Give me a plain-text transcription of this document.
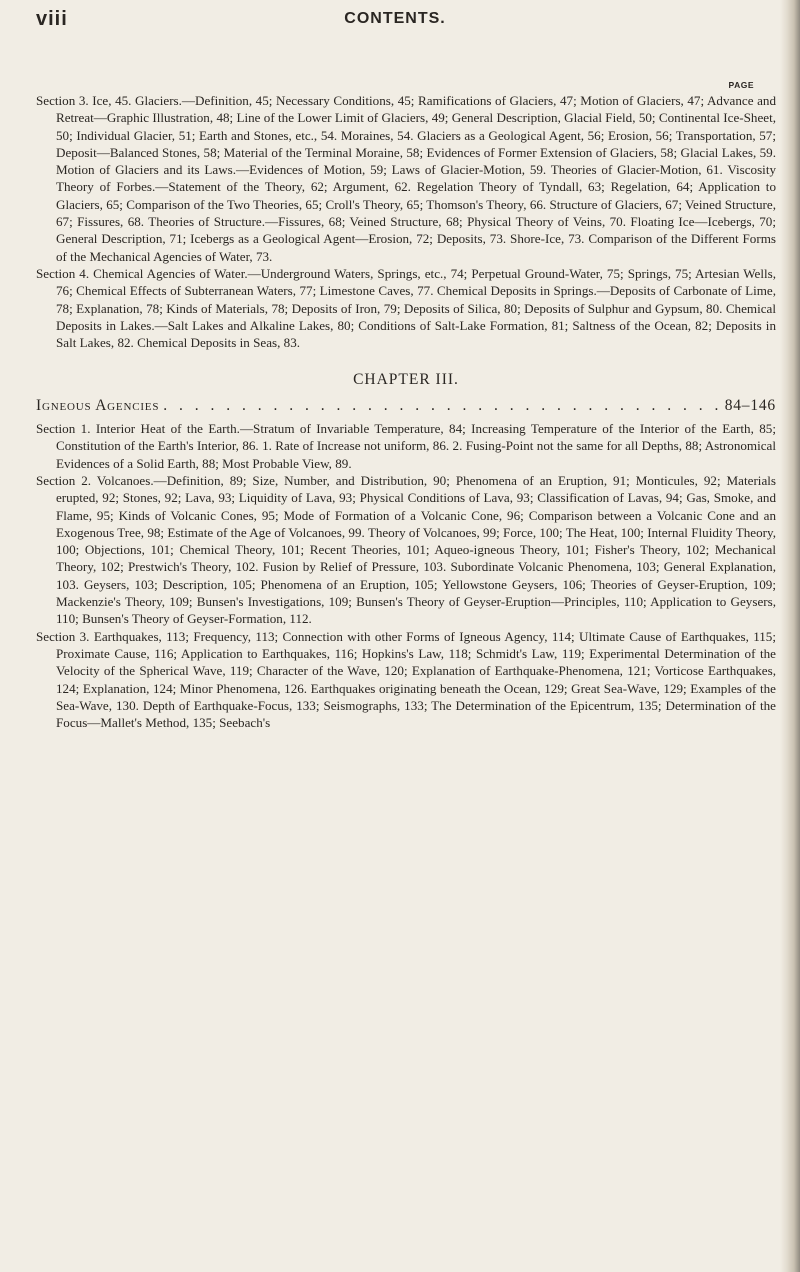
viii	CONTENTS.
PAGE

Section 3. Ice, 45. Glaciers.—Definition, 45; Necessary Conditions, 45; Ramifications of Glaciers, 47; Motion of Glaciers, 47; Advance and Retreat—Graphic Illustration, 48; Line of the Lower Limit of Glaciers, 49; General Description, Glacial Field, 50; Continental Ice-Sheet, 50; Individual Glacier, 51; Earth and Stones, etc., 54. Moraines, 54. Glaciers as a Geological Agent, 56; Erosion, 56; Transportation, 57; Deposit—Balanced Stones, 58; Material of the Terminal Moraine, 58; Evidences of Former Extension of Glaciers, 58; Glacial Lakes, 59. Motion of Glaciers and its Laws.—Evidences of Motion, 59; Laws of Glacier-Motion, 59. Theories of Glacier-Motion, 61. Viscosity Theory of Forbes.—Statement of the Theory, 62; Argument, 62. Regelation Theory of Tyndall, 63; Regelation, 64; Application to Glaciers, 65; Comparison of the Two Theories, 65; Croll's Theory, 65; Thomson's Theory, 66. Structure of Glaciers, 67; Veined Structure, 67; Fissures, 68. Theories of Structure.—Fissures, 68; Veined Structure, 68; Physical Theory of Veins, 70. Floating Ice—Icebergs, 70; General Description, 71; Icebergs as a Geological Agent—Erosion, 72; Deposits, 73. Shore-Ice, 73. Comparison of the Different Forms of the Mechanical Agencies of Water, 73.

Section 4. Chemical Agencies of Water.—Underground Waters, Springs, etc., 74; Perpetual Ground-Water, 75; Springs, 75; Artesian Wells, 76; Chemical Effects of Subterranean Waters, 77; Limestone Caves, 77. Chemical Deposits in Springs.—Deposits of Carbonate of Lime, 78; Explanation, 78; Kinds of Materials, 78; Deposits of Iron, 79; Deposits of Silica, 80; Deposits of Sulphur and Gypsum, 80. Chemical Deposits in Lakes.—Salt Lakes and Alkaline Lakes, 80; Conditions of Salt-Lake Formation, 81; Saltness of the Ocean, 82; Deposits in Salt Lakes, 82. Chemical Deposits in Seas, 83.

CHAPTER III.
Igneous Agencies
. . .	84–146

Section 1. Interior Heat of the Earth.—Stratum of Invariable Temperature, 84; Increasing Temperature of the Interior of the Earth, 85; Constitution of the Earth's Interior, 86. 1. Rate of Increase not uniform, 86. 2. Fusing-Point not the same for all Depths, 88; Astronomical Evidences of a Solid Earth, 88; Most Probable View, 89.

Section 2. Volcanoes.—Definition, 89; Size, Number, and Distribution, 90; Phenomena of an Eruption, 91; Monticules, 92; Materials erupted, 92; Stones, 92; Lava, 93; Liquidity of Lava, 93; Physical Conditions of Lava, 93; Classification of Lavas, 94; Gas, Smoke, and Flame, 95; Kinds of Volcanic Cones, 95; Mode of Formation of a Volcanic Cone, 96; Comparison between a Volcanic Cone and an Exogenous Tree, 98; Estimate of the Age of Volcanoes, 99. Theory of Volcanoes, 99; Force, 100; The Heat, 100; Internal Fluidity Theory, 100; Objections, 101; Chemical Theory, 101; Recent Theories, 101; Aqueo-igneous Theory, 101; Fisher's Theory, 102; Mechanical Theory, 102; Prestwich's Theory, 102. Fusion by Relief of Pressure, 103. Subordinate Volcanic Phenomena, 103; General Explanation, 103. Geysers, 103; Description, 105; Phenomena of an Eruption, 105; Yellowstone Geysers, 106; Theories of Geyser-Eruption, 109; Mackenzie's Theory, 109; Bunsen's Investigations, 109; Bunsen's Theory of Geyser-Eruption—Principles, 110; Application to Geysers, 110; Bunsen's Theory of Geyser-Formation, 112.

Section 3. Earthquakes, 113; Frequency, 113; Connection with other Forms of Igneous Agency, 114; Ultimate Cause of Earthquakes, 115; Proximate Cause, 116; Application to Earthquakes, 116; Hopkins's Law, 118; Schmidt's Law, 119; Experimental Determination of the Velocity of the Spherical Wave, 119; Character of the Wave, 120; Explanation of Earthquake-Phenomena, 121; Vorticose Earthquakes, 124; Explanation, 124; Minor Phenomena, 126. Earthquakes originating beneath the Ocean, 129; Great Sea-Wave, 129; Examples of the Sea-Wave, 130. Depth of Earthquake-Focus, 133; Seismographs, 133; The Determination of the Epicentrum, 135; Determination of the Focus—Mallet's Method, 135; Seebach's
